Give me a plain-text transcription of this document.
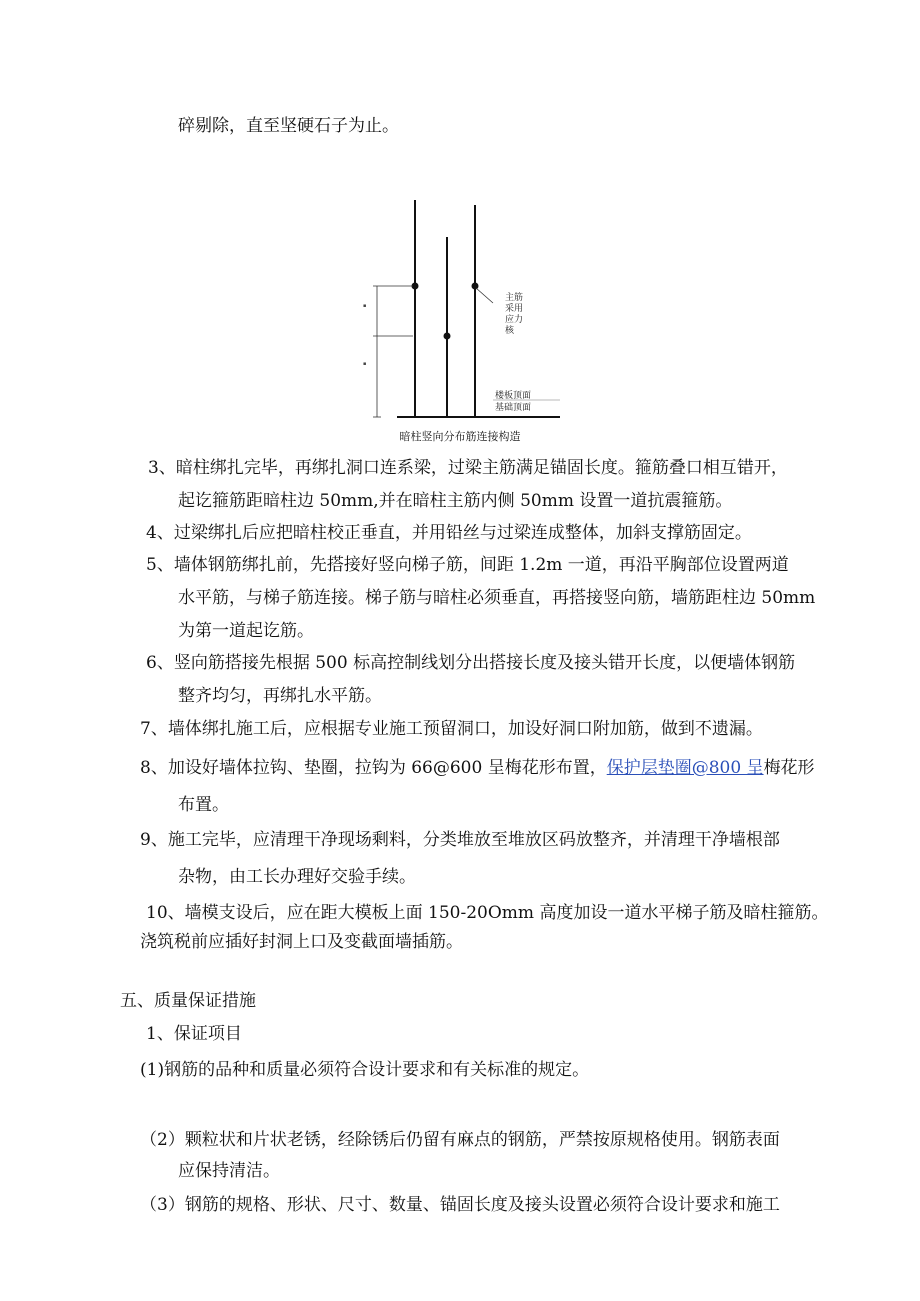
碎剔除，直至坚硬石子为止。
▪
▪
主筋
采用
应力
核
楼板顶面
基础顶面
暗柱竖向分布筋连接构造
3、暗柱绑扎完毕，再绑扎洞口连系梁，过梁主筋满足锚固长度。箍筋叠口相互错开，
起讫箍筋距暗柱边 50mm,并在暗柱主筋内侧 50mm 设置一道抗震箍筋。
4、过梁绑扎后应把暗柱校正垂直，并用铅丝与过梁连成整体，加斜支撑筋固定。
5、墙体钢筋绑扎前，先搭接好竖向梯子筋，间距 1.2m 一道，再沿平胸部位设置两道
水平筋，与梯子筋连接。梯子筋与暗柱必须垂直，再搭接竖向筋，墙筋距柱边 50mm
为第一道起讫筋。
6、竖向筋搭接先根据 500 标高控制线划分出搭接长度及接头错开长度，以便墙体钢筋
整齐均匀，再绑扎水平筋。
7、墙体绑扎施工后，应根据专业施工预留洞口，加设好洞口附加筋，做到不遗漏。
8、加设好墙体拉钩、垫圈，拉钩为 66@600 呈梅花形布置，保护层垫圈@800 呈梅花形
布置。
9、施工完毕，应清理干净现场剩料，分类堆放至堆放区码放整齐，并清理干净墙根部
杂物，由工长办理好交验手续。
10、墙模支设后，应在距大模板上面 150-20Omm 高度加设一道水平梯子筋及暗柱箍筋。
浇筑税前应插好封洞上口及变截面墙插筋。
五、质量保证措施
1、保证项目
(1)钢筋的品种和质量必须符合设计要求和有关标准的规定。
（2）颗粒状和片状老锈，经除锈后仍留有麻点的钢筋，严禁按原规格使用。钢筋表面
应保持清洁。
（3）钢筋的规格、形状、尺寸、数量、锚固长度及接头设置必须符合设计要求和施工
